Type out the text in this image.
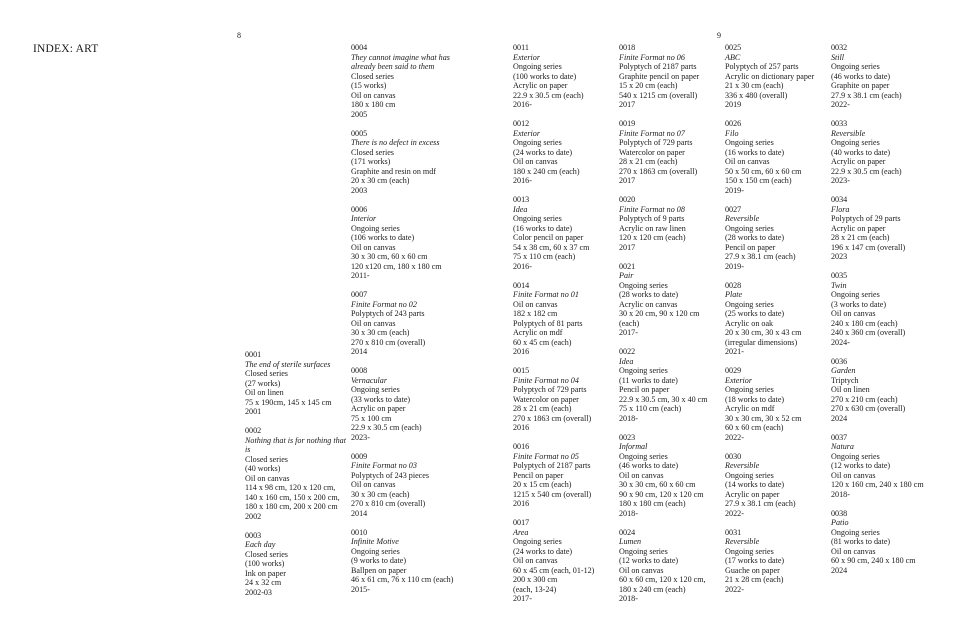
INDEX: ART
8	9
0001
The end of sterile surfaces
Closed series
(27 works)
Oil on linen
75 x 190cm, 145 x 145 cm
2001
0002
Nothing that is for nothing that is
Closed series
(40 works)
Oil on canvas
114 x 98 cm, 120 x 120 cm, 140 x 160 cm, 150 x 200 cm, 180 x 180 cm, 200 x 200 cm
2002
0003
Each day
Closed series
(100 works)
Ink on paper
24 x 32 cm
2002-03
0004
They cannot imagine what has already been said to them
Closed series
(15 works)
Oil on canvas
180 x 180 cm
2005
0005
There is no defect in excess
Closed series
(171 works)
Graphite and resin on mdf
20 x 30 cm (each)
2003
0006
Interior
Ongoing series
(106 works to date)
Oil on canvas
30 x 30 cm, 60 x 60 cm
120 x120 cm, 180 x 180 cm
2011-
0007
Finite Format no 02
Polyptych of 243 parts
Oil on canvas
30 x 30 cm (each)
270 x 810 cm (overall)
2014
0008
Vernacular
Ongoing series
(33 works to date)
Acrylic on paper
75 x 100 cm
22.9 x 30.5 cm (each)
2023-
0009
Finite Format no 03
Polyptych of 243 pieces
Oil on canvas
30 x 30 cm (each)
270 x 810 cm (overall)
2014
0010
Infinite Motive
Ongoing series
(9 works to date)
Ballpen on paper
46 x 61 cm, 76 x 110 cm (each)
2015-
0011
Exterior
Ongoing series
(100 works to date)
Acrylic on paper
22.9 x 30.5 cm (each)
2016-
0012
Exterior
Ongoing series
(24 works to date)
Oil on canvas
180 x 240 cm (each)
2016-
0013
Idea
Ongoing series
(16 works to date)
Color pencil on paper
54 x 38 cm, 60 x 37 cm
75 x 110 cm (each)
2016-
0014
Finite Format no 01
Oil on canvas
182 x 182 cm
Polyptych of 81 parts
Acrylic on mdf
60 x 45 cm (each)
2016
0015
Finite Format no 04
Polyptych of 729 parts
Watercolor on paper
28 x 21 cm (each)
270 x 1863 cm (overall)
2016
0016
Finite Format no 05
Polyptych of 2187 parts
Pencil on paper
20 x 15 cm (each)
1215 x 540 cm (overall)
2016
0017
Area
Ongoing series
(24 works to date)
Oil on canvas
60 x 45 cm (each, 01-12)
200 x 300 cm
(each, 13-24)
2017-
0018
Finite Format no 06
Polyptych of 2187 parts
Graphite pencil on paper
15 x 20 cm (each)
540 x 1215 cm (overall)
2017
0019
Finite Format no 07
Polyptych of 729 parts
Watercolor on paper
28 x 21 cm (each)
270 x 1863 cm (overall)
2017
0020
Finite Format no 08
Polyptych of 9 parts
Acrylic on raw linen
120 x 120 cm (each)
2017
0021
Pair
Ongoing series
(28 works to date)
Acrylic on canvas
30 x 20 cm, 90 x 120 cm
(each)
2017-
0022
Idea
Ongoing series
(11 works to date)
Pencil on paper
22.9 x 30.5 cm, 30 x 40 cm
75 x 110 cm (each)
2018-
0023
Informal
Ongoing series
(46 works to date)
Oil on canvas
30 x 30 cm, 60 x 60 cm
90 x 90 cm, 120 x 120 cm
180 x 180 cm (each)
2018-
0024
Lumen
Ongoing series
(12 works to date)
Oil on canvas
60 x 60 cm, 120 x 120 cm,
180 x 240 cm (each)
2018-
0025
ABC
Polyptych of 257 parts
Acrylic on dictionary paper
21 x 30 cm (each)
336 x 480 (overall)
2019
0026
Filo
Ongoing series
(16 works to date)
Oil on canvas
50 x 50 cm, 60 x 60 cm
150 x 150 cm (each)
2019-
0027
Reversible
Ongoing series
(28 works to date)
Pencil on paper
27.9 x 38.1 cm (each)
2019-
0028
Plate
Ongoing series
(25 works to date)
Acrylic on oak
20 x 30 cm, 30 x 43 cm
(irregular dimensions)
2021-
0029
Exterior
Ongoing series
(18 works to date)
Acrylic on mdf
30 x 30 cm, 30 x 52 cm
60 x 60 cm (each)
2022-
0030
Reversible
Ongoing series
(14 works to date)
Acrylic on paper
27.9 x 38.1 cm (each)
2022-
0031
Reversible
Ongoing series
(17 works to date)
Guache on paper
21 x 28 cm (each)
2022-
0032
Still
Ongoing series
(46 works to date)
Graphite on paper
27.9 x 38.1 cm (each)
2022-
0033
Reversible
Ongoing series
(40 works to date)
Acrylic on paper
22.9 x 30.5 cm (each)
2023-
0034
Flora
Polyptych of 29 parts
Acrylic on paper
28 x 21 cm (each)
196 x 147 cm (overall)
2023
0035
Twin
Ongoing series
(3 works to date)
Oil on canvas
240 x 180 cm (each)
240 x 360 cm (overall)
2024-
0036
Garden
Triptych
Oil on linen
270 x 210 cm (each)
270 x 630 cm (overall)
2024
0037
Natura
Ongoing series
(12 works to date)
Oil on canvas
120 x 160 cm, 240 x 180 cm
2018-
0038
Patio
Ongoing series
(81 works to date)
Oil on canvas
60 x 90 cm, 240 x 180 cm
2024
